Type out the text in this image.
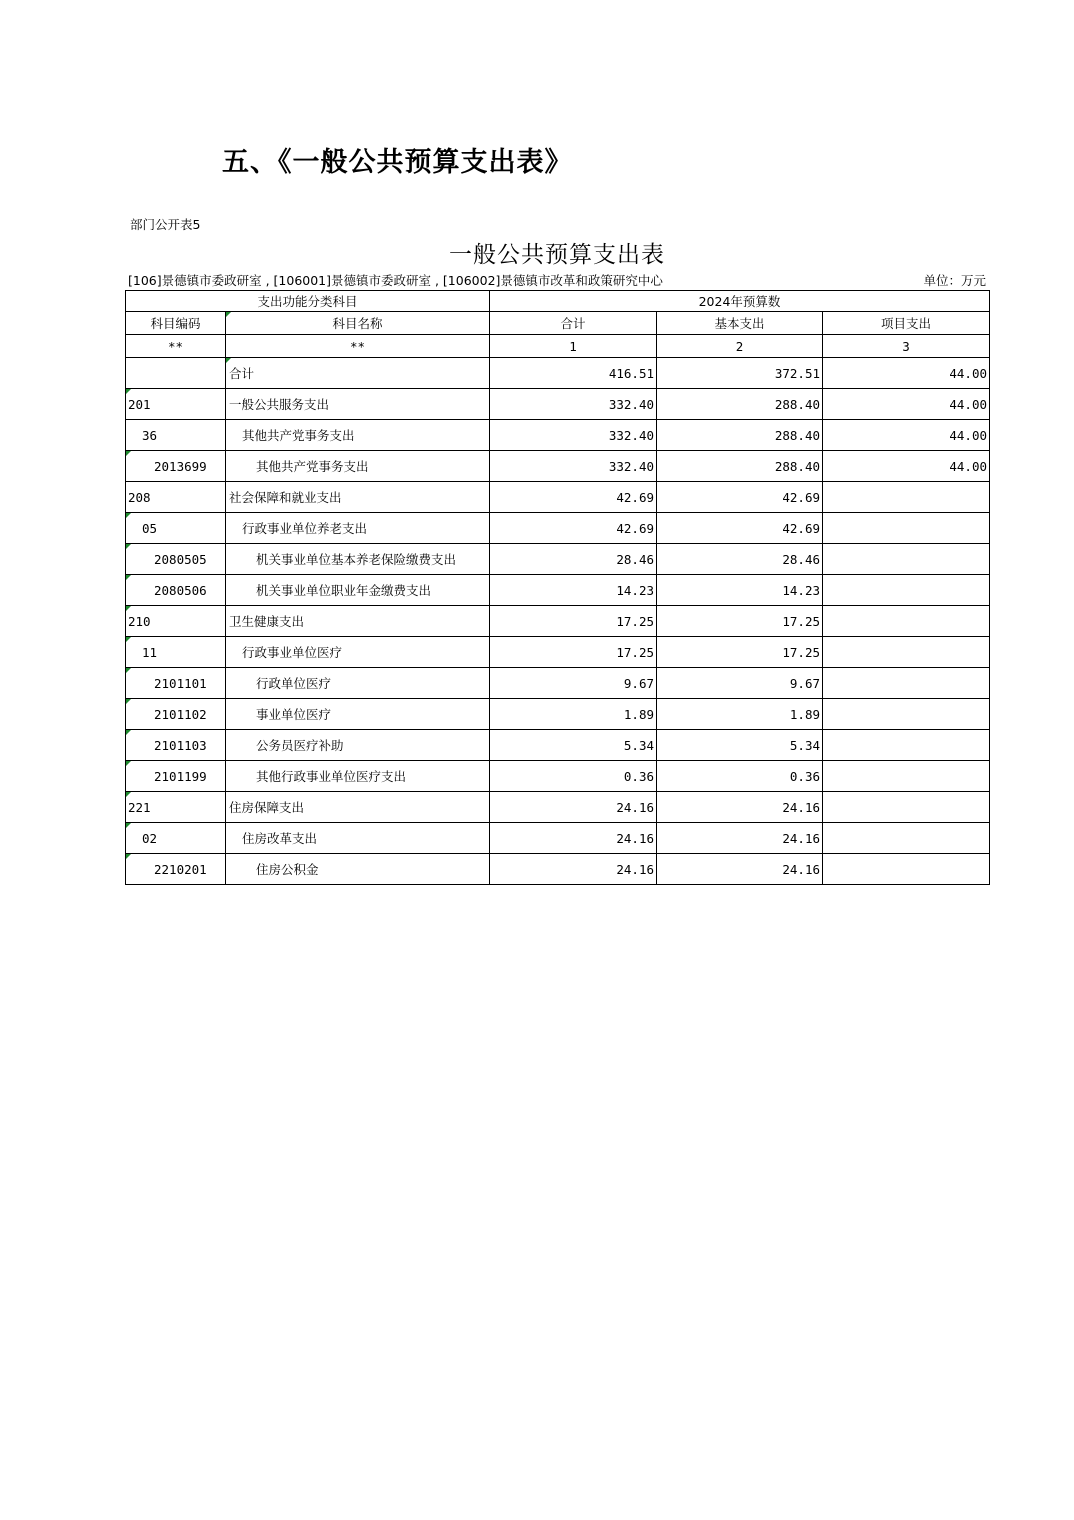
五、《一般公共预算支出表》
部门公开表5
一般公共预算支出表
[106]景德镇市委政研室 , [106001]景德镇市委政研室 , [106002]景德镇市改革和政策研究中心	单位：万元
支出功能分类科目		2024年预算数		
科目编码	科目名称	合计	基本支出	项目支出
**	**	1	2	3
	合计	416.51	372.51	44.00
201	一般公共服务支出	332.40	288.40	44.00
36	其他共产党事务支出	332.40	288.40	44.00
2013699	其他共产党事务支出	332.40	288.40	44.00
208	社会保障和就业支出	42.69	42.69	
05	行政事业单位养老支出	42.69	42.69	
2080505	机关事业单位基本养老保险缴费支出	28.46	28.46	
2080506	机关事业单位职业年金缴费支出	14.23	14.23	
210	卫生健康支出	17.25	17.25	
11	行政事业单位医疗	17.25	17.25	
2101101	行政单位医疗	9.67	9.67	
2101102	事业单位医疗	1.89	1.89	
2101103	公务员医疗补助	5.34	5.34	
2101199	其他行政事业单位医疗支出	0.36	0.36	
221	住房保障支出	24.16	24.16	
02	住房改革支出	24.16	24.16	
2210201	住房公积金	24.16	24.16	
